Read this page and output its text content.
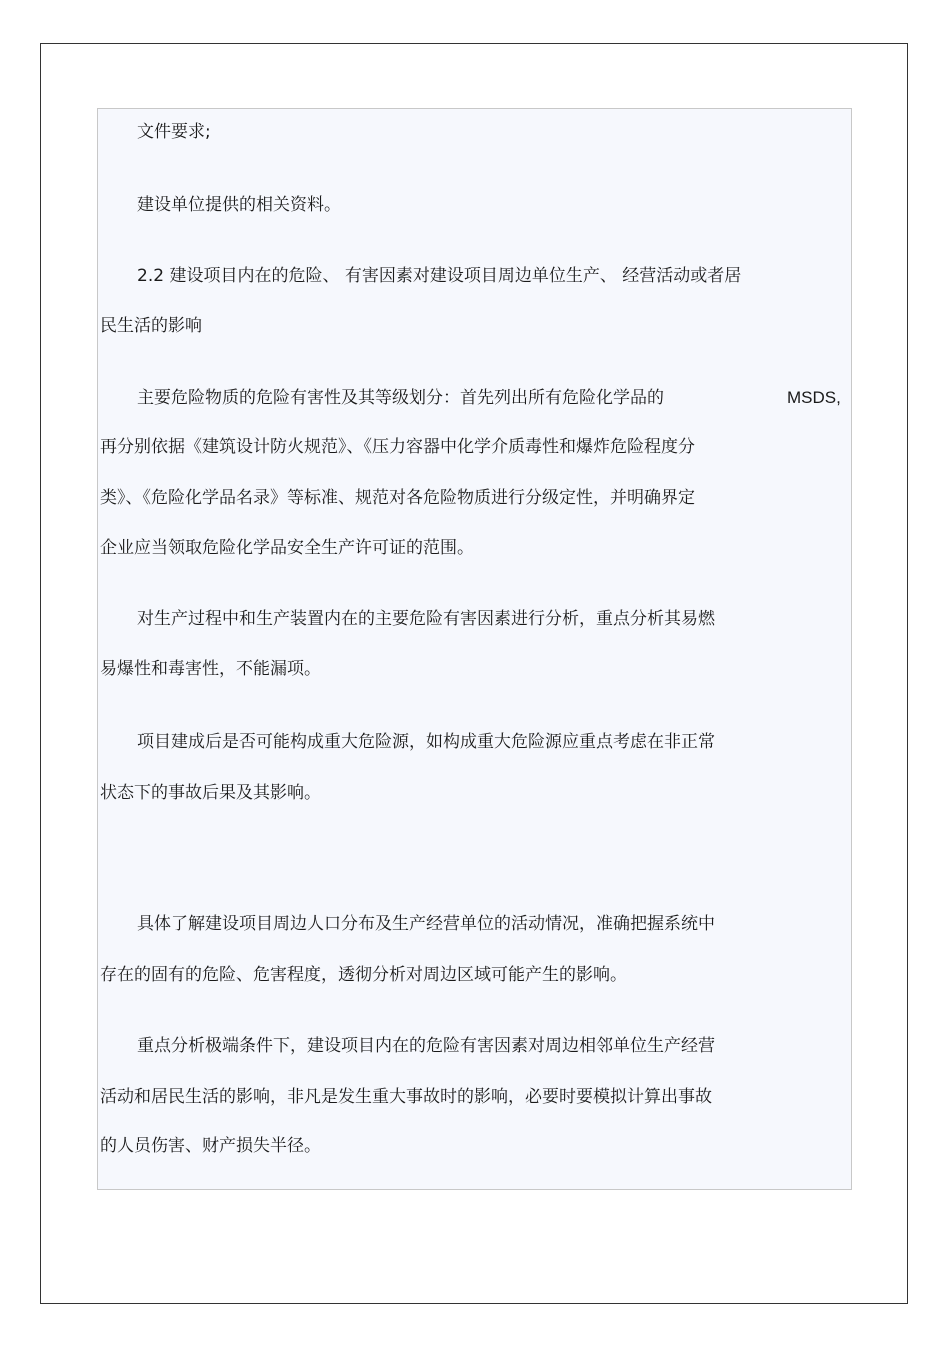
文件要求;
建设单位提供的相关资料。
2.2 建设项目内在的危险、 有害因素对建设项目周边单位生产、 经营活动或者居
民生活的影响
主要危险物质的危险有害性及其等级划分：首先列出所有危险化学品的	MSDS,
再分别依据《建筑设计防火规范》、《压力容器中化学介质毒性和爆炸危险程度分
类》、《危险化学品名录》等标准、规范对各危险物质进行分级定性，并明确界定
企业应当领取危险化学品安全生产许可证的范围。
对生产过程中和生产装置内在的主要危险有害因素进行分析，重点分析其易燃
易爆性和毒害性，不能漏项。
项目建成后是否可能构成重大危险源，如构成重大危险源应重点考虑在非正常
状态下的事故后果及其影响。
具体了解建设项目周边人口分布及生产经营单位的活动情况，准确把握系统中
存在的固有的危险、危害程度，透彻分析对周边区域可能产生的影响。
重点分析极端条件下，建设项目内在的危险有害因素对周边相邻单位生产经营
活动和居民生活的影响，非凡是发生重大事故时的影响，必要时要模拟计算出事故
的人员伤害、财产损失半径。
